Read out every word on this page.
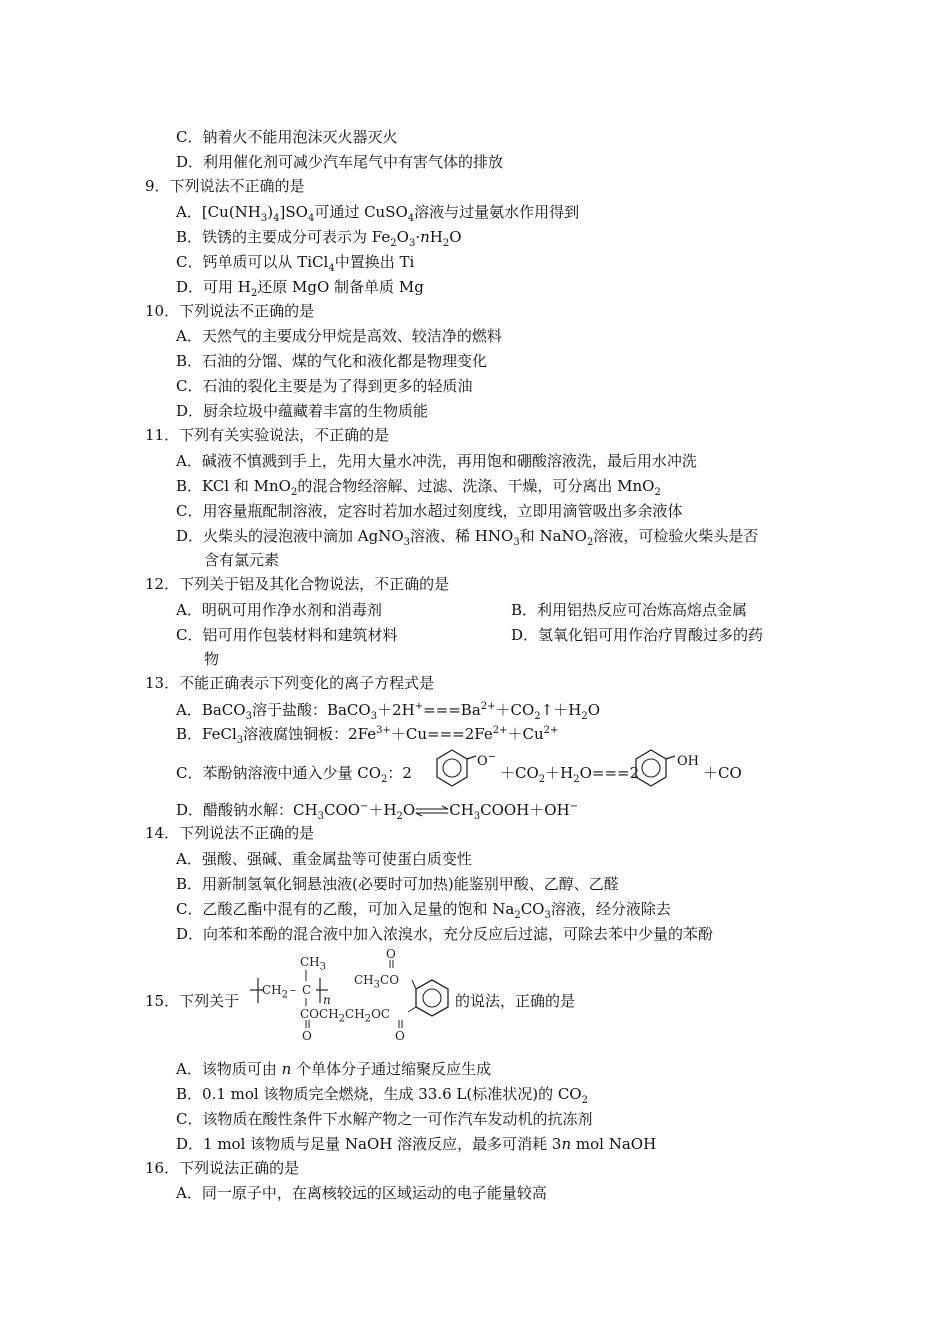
C．钠着火不能用泡沫灭火器灭火
D．利用催化剂可减少汽车尾气中有害气体的排放
9．下列说法不正确的是
A．$[Cu(NH_3)_4]SO_4$可通过 CuSO$_4$溶液与过量氨水作用得到
B．铁锈的主要成分可表示为 $Fe_2O_3\cdot nH_2O$
C．钙单质可以从 TiCl$_4$中置换出 Ti
D．可用 $H_2$还原 MgO 制备单质 Mg
10．下列说法不正确的是
A．天然气的主要成分甲烷是高效、较洁净的燃料
B．石油的分馏、煤的气化和液化都是物理变化
C．石油的裂化主要是为了得到更多的轻质油
D．厨余垃圾中蕴藏着丰富的生物质能
11．下列有关实验说法，不正确的是
A．碱液不慎溅到手上，先用大量水冲洗，再用饱和硼酸溶液洗，最后用水冲洗
B．KCl 和 MnO$_2$的混合物经溶解、过滤、洗涤、干燥，可分离出 MnO$_2$
C．用容量瓶配制溶液，定容时若加水超过刻度线，立即用滴管吸出多余液体
D．火柴头的浸泡液中滴加 AgNO$_3$溶液、稀 $HNO_3$和 NaNO$_2$溶液，可检验火柴头是否
含有氯元素
12．下列关于铝及其化合物说法，不正确的是
A．明矾可用作净水剂和消毒剂	B．利用铝热反应可冶炼高熔点金属
C．铝可用作包装材料和建筑材料	D．氢氧化铝可用作治疗胃酸过多的药
物
13．不能正确表示下列变化的离子方程式是
A．BaCO$_3$溶于盐酸：$BaCO_3+2H^+===Ba^{2+}+CO_2↑+H_2O$
B．FeCl$_3$溶液腐蚀铜板：$2Fe^{3+}+Cu===2Fe^{2+}+Cu^{2+}$
C．苯酚钠溶液中通入少量 $CO_2$：2
O−
$+CO_2+H_2O===2$
OH
＋CO
D．醋酸钠水解：$CH_3COO^-+H_2O\rightleftharpoons CH_3COOH+OH^-$
14．下列说法不正确的是
A．强酸、强碱、重金属盐等可使蛋白质变性
B．用新制氢氧化铜悬浊液(必要时可加热)能鉴别甲酸、乙醇、乙醛
C．乙酸乙酯中混有的乙酸，可加入足量的饱和 $Na_2CO_3$溶液，经分液除去
D．向苯和苯酚的混合液中加入浓溴水，充分反应后过滤，可除去苯中少量的苯酚
15．下列关于
$CH_3$
O
$CH_2$ – C
n
$CH_3CO$
$COCH_2CH_2OC$
O	O
的说法，正确的是
A．该物质可由 n 个单体分子通过缩聚反应生成
B．0.1 mol 该物质完全燃烧，生成 33.6 L(标准状况)的 $CO_2$
C．该物质在酸性条件下水解产物之一可作汽车发动机的抗冻剂
D．1 mol 该物质与足量 NaOH 溶液反应，最多可消耗 3n mol NaOH
16．下列说法正确的是
A．同一原子中，在离核较远的区域运动的电子能量较高
